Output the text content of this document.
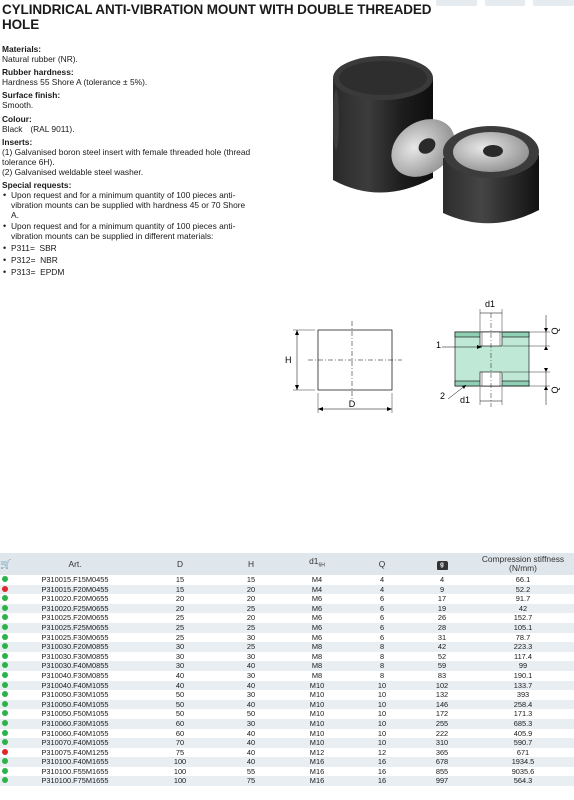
CYLINDRICAL ANTI-VIBRATION MOUNT WITH DOUBLE THREADED HOLE
Materials:
Natural rubber (NR).
Rubber hardness:
Hardness 55 Shore A (tolerance ± 5%).
Surface finish:
Smooth.
Colour:
Black (RAL 9011).
Inserts:
(1) Galvanised boron steel insert with female threaded hole (thread tolerance 6H).
(2) Galvanised weldable steel washer.
Special requests:
• Upon request and for a minimum quantity of 100 pieces anti-vibration mounts can be supplied with hardness 45 or 70 Shore A.
• Upon request and for a minimum quantity of 100 pieces anti-vibration mounts can be supplied in different materials:
• P311= SBR
• P312= NBR
• P313= EPDM
H
D
d1
d1
Q
Q
1
2
🛒	Art.	D	H	$d1_{6H}$	Q	g	Compression stiffness (N/mm)
	P310015.F15M0455	15	15	M4	4	4	66.1
	P310015.F20M0455	15	20	M4	4	9	52.2
	P310020.F20M0655	20	20	M6	6	17	91.7
	P310020.F25M0655	20	25	M6	6	19	42
	P310025.F20M0655	25	20	M6	6	26	152.7
	P310025.F25M0655	25	25	M6	6	28	105.1
	P310025.F30M0655	25	30	M6	6	31	78.7
	P310030.F20M0855	30	25	M8	8	42	223.3
	P310030.F30M0855	30	30	M8	8	52	117.4
	P310030.F40M0855	30	40	M8	8	59	99
	P310040.F30M0855	40	30	M8	8	83	190.1
	P310040.F40M1055	40	40	M10	10	102	133.7
	P310050.F30M1055	50	30	M10	10	132	393
	P310050.F40M1055	50	40	M10	10	146	258.4
	P310050.F50M1055	50	50	M10	10	172	171.3
	P310060.F30M1055	60	30	M10	10	255	685.3
	P310060.F40M1055	60	40	M10	10	222	405.9
	P310070.F40M1055	70	40	M10	10	310	590.7
	P310075.F40M1255	75	40	M12	12	365	671
	P310100.F40M1655	100	40	M16	16	678	1934.5
	P310100.F55M1655	100	55	M16	16	855	9035.6
	P310100.F75M1655	100	75	M16	16	997	564.3
